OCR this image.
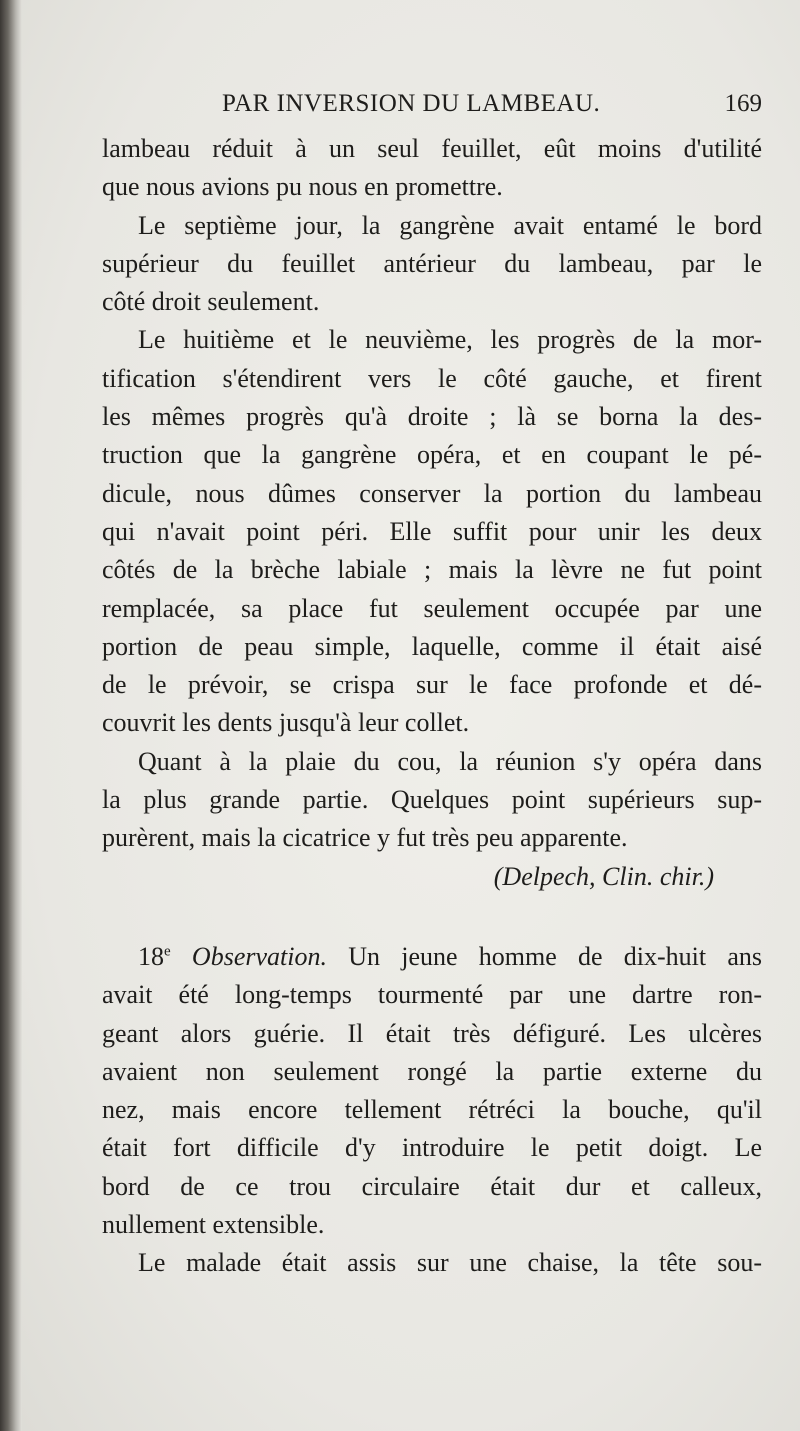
PAR INVERSION DU LAMBEAU.	169
lambeau réduit à un seul feuillet, eût moins d'utilité
que nous avions pu nous en promettre.
Le septième jour, la gangrène avait entamé le bord
supérieur du feuillet antérieur du lambeau, par le
côté droit seulement.
Le huitième et le neuvième, les progrès de la mor-
tification s'étendirent vers le côté gauche, et firent
les mêmes progrès qu'à droite ; là se borna la des-
truction que la gangrène opéra, et en coupant le pé-
dicule, nous dûmes conserver la portion du lambeau
qui n'avait point péri. Elle suffit pour unir les deux
côtés de la brèche labiale ; mais la lèvre ne fut point
remplacée, sa place fut seulement occupée par une
portion de peau simple, laquelle, comme il était aisé
de le prévoir, se crispa sur le face profonde et dé-
couvrit les dents jusqu'à leur collet.
Quant à la plaie du cou, la réunion s'y opéra dans
la plus grande partie. Quelques point supérieurs sup-
purèrent, mais la cicatrice y fut très peu apparente.
(Delpech, Clin. chir.)
18e Observation. Un jeune homme de dix-huit ans
avait été long-temps tourmenté par une dartre ron-
geant alors guérie. Il était très défiguré. Les ulcères
avaient non seulement rongé la partie externe du
nez, mais encore tellement rétréci la bouche, qu'il
était fort difficile d'y introduire le petit doigt. Le
bord de ce trou circulaire était dur et calleux,
nullement extensible.
Le malade était assis sur une chaise, la tête sou-
